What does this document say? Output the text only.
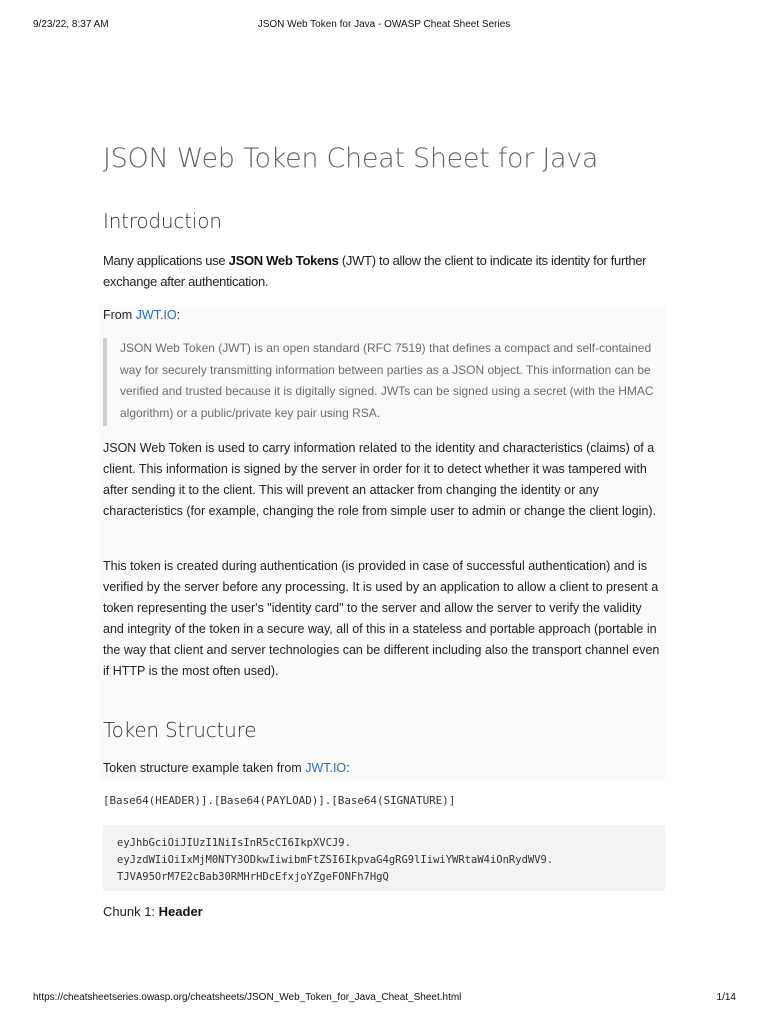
9/23/22, 8:37 AM	JSON Web Token for Java - OWASP Cheat Sheet Series
JSON Web Token Cheat Sheet for Java
Introduction

Many applications use JSON Web Tokens (JWT) to allow the client to indicate its identity for further exchange after authentication.

From JWT.IO:

JSON Web Token (JWT) is an open standard (RFC 7519) that defines a compact and self-contained way for securely transmitting information between parties as a JSON object. This information can be verified and trusted because it is digitally signed. JWTs can be signed using a secret (with the HMAC algorithm) or a public/private key pair using RSA.

JSON Web Token is used to carry information related to the identity and characteristics (claims) of a client. This information is signed by the server in order for it to detect whether it was tampered with after sending it to the client. This will prevent an attacker from changing the identity or any characteristics (for example, changing the role from simple user to admin or change the client login).

This token is created during authentication (is provided in case of successful authentication) and is verified by the server before any processing. It is used by an application to allow a client to present a token representing the user's "identity card" to the server and allow the server to verify the validity and integrity of the token in a secure way, all of this in a stateless and portable approach (portable in the way that client and server technologies can be different including also the transport channel even if HTTP is the most often used).

Token Structure

Token structure example taken from JWT.IO:

[Base64(HEADER)].[Base64(PAYLOAD)].[Base64(SIGNATURE)]
eyJhbGciOiJIUzI1NiIsInR5cCI6IkpXVCJ9.
eyJzdWIiOiIxMjM0NTY3ODkwIiwibmFtZSI6IkpvaG4gRG9lIiwiYWRtaW4iOnRydWV9.
TJVA95OrM7E2cBab30RMHrHDcEfxjoYZgeFONFh7HgQ
Chunk 1: Header
https://cheatsheetseries.owasp.org/cheatsheets/JSON_Web_Token_for_Java_Cheat_Sheet.html	1/14
